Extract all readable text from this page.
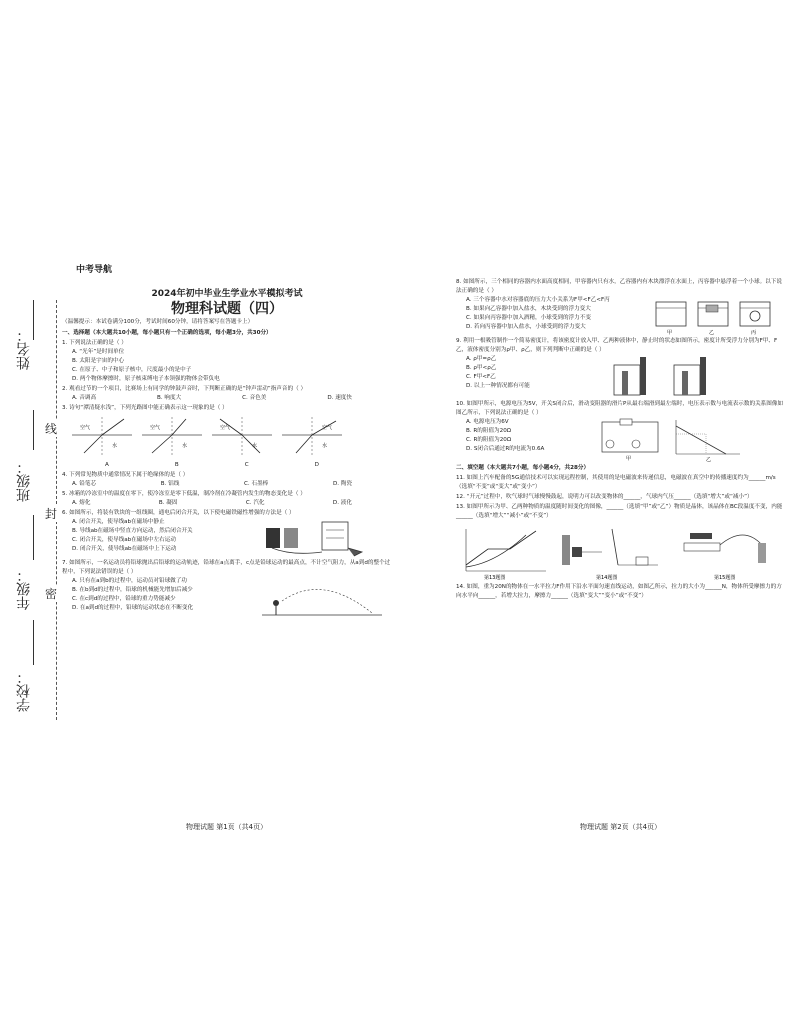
中考导航
姓名：
班级：
年级：
学校：
线
封
密
2024年初中毕业生学业水平模拟考试
物理科试题（四）
（温馨提示：本试卷满分100分，考试时间60分钟，请将答案写在答题卡上）
一、选择题（本大题共10小题，每小题只有一个正确的选项，每小题3分，共30分）
1. 下列说法正确的是（ ）
A. “光年”是时间单位
B. 太阳是宇宙的中心
C. 在原子、中子和原子核中，尺度最小的是中子
D. 两个物体摩擦时，原子核束缚电子本领强的物体会带负电
2. 观看过节的一个项目，比赛场上有同学的钟鼓声音时，下判断正确的是“钟声雷动”指声音的（ ）
A. 音调高	B. 响度大	C. 音色美	D. 速度快
3. 诗句“潭清疑水浅”，下列光路图中能正确表示这一现象的是（ ）
空气
水
空气
水
空气
水
空气
水
A	B	C	D
4. 下列常见物质中通常情况下属于绝缘体的是（ ）
A. 铅笔芯	B. 铝线	C. 石墨棒	D. 陶瓷
5. 冰箱的冷冻室中的温度在零下，使冷冻室是零下低温，制冷剂在冷凝管内发生的物态变化是（ ）
A. 熔化	B. 凝固	C. 汽化	D. 液化
6. 如图所示，将装有铁块的一组线圈，通电后闭合开关，以下使电磁铁磁性增强的方法是（ ）
A. 闭合开关，使导线ab在磁场中静止
B. 导线ab在磁场中竖直方向运动，然后闭合开关
C. 闭合开关，使导线ab在磁场中左右运动
D. 闭合开关，使导线ab在磁场中上下运动
7. 如图所示，一名运动员将铅球抛出后铅球的运动轨迹，铅球在a点离手，c点是铅球运动的最高点，不计空气阻力，从a到d的整个过程中，下列说法错误的是（ ）
A. 只有在a到b的过程中，运动员对铅球做了功
B. 在b到d的过程中，铅球的机械能先增加后减少
C. 在c到d的过程中，铅球的重力势能减少
D. 在a到d的过程中，铅球的运动状态在不断变化
8. 如图所示，三个相同的容器内水面高度相同，甲容器内只有水，乙容器内有木块漂浮在水面上，丙容器中悬浮着一个小球。以下说法正确的是（ ）
A. 三个容器中水对容器底的压力大小关系为F甲<F乙<F丙
B. 如果向乙容器中加入盐水，木块受到的浮力变大
C. 如果向丙容器中加入酒精，小球受到的浮力不变
D. 若向丙容器中加入盐水，小球受到的浮力变大
甲	乙	丙
9. 利用一根吸管制作一个简易密度计，将该密度计放入甲、乙两种液体中，静止时的状态如图所示，密度计所受浮力分别为F甲、F乙，液体密度分别为ρ甲、ρ乙，则下列判断中正确的是（ ）
A. ρ甲=ρ乙
B. ρ甲<ρ乙
C. F甲<F乙
D. 以上一种情况都有可能
10. 如图甲所示，电源电压为5V，开关S闭合后，滑动变阻器的滑片P从最右端滑到最左端时，电压表示数与电流表示数的关系图像如图乙所示，下列说法正确的是（ ）
A. 电源电压为6V
B. R的阻值为20Ω
C. R的阻值为20Ω
D. S闭合后通过R的电流为0.6A
甲	乙
二、填空题（本大题共7小题，每小题4分，共28分）
11. 如图上汽车配备的5G通信技术可以实现远程控制，其使用的是电磁波来传递信息，电磁波在真空中的传播速度约为______m/s（选填“不变”或“变大”或“变小”）
12. “开元”过程中，吹气球时气球慢慢鼓起，说明力可以改变物体的______，气球内气压______（选填“增大”或“减小”）
13. 如图甲所示为甲、乙两种物质的温度随时间变化的图像，______（选填“甲”或“乙”）物质是晶体，该晶体在BC段温度不变，内能______（选填“增大”“减小”或“不变”）
第13题图	第14题图	第15题图
14. 如图，重为20N的物体在一水平拉力F作用下沿水平面匀速直线运动，如图乙所示，拉力的大小为______N，物体所受摩擦力的方向水平向______，若增大拉力，摩擦力______（选填“变大”“变小”或“不变”）
物理试题 第1页（共4页）	物理试题 第2页（共4页）
